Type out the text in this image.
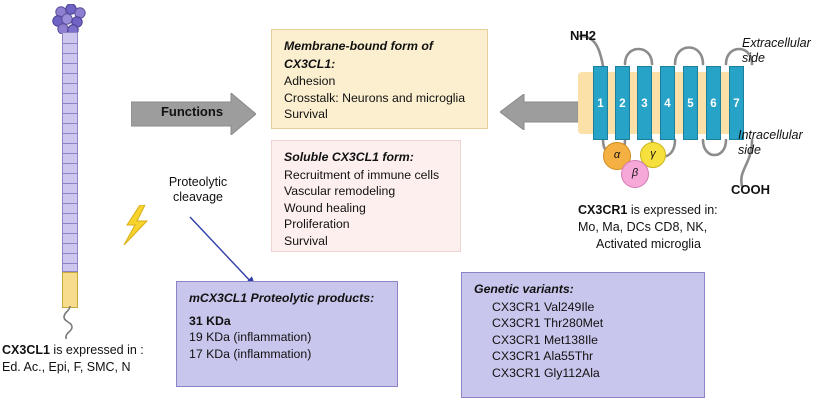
CX3CL1 is expressed in :
Ed. Ac., Epi, F, SMC, N
Functions
Proteolytic
cleavage
Membrane-bound form of
CX3CL1:
Adhesion
Crosstalk: Neurons and microglia
Survival
Soluble CX3CL1 form:
Recruitment of immune cells
Vascular remodeling
Wound healing
Proliferation
Survival
mCX3CL1 Proteolytic products:
31 KDa
19 KDa (inflammation)
17 KDa (inflammation)
Genetic variants:
CX3CR1 Val249Ile
CX3CR1 Thr280Met
CX3CR1 Met138Ile
CX3CR1 Ala55Thr
CX3CR1 Gly112Ala
1	2	3	4	5	6	7
α	γ
β
NH2
COOH
Extracellular
side
Intracellular
side
CX3CR1 is expressed in:
Mo, Ma, DCs CD8, NK,
Activated microglia
